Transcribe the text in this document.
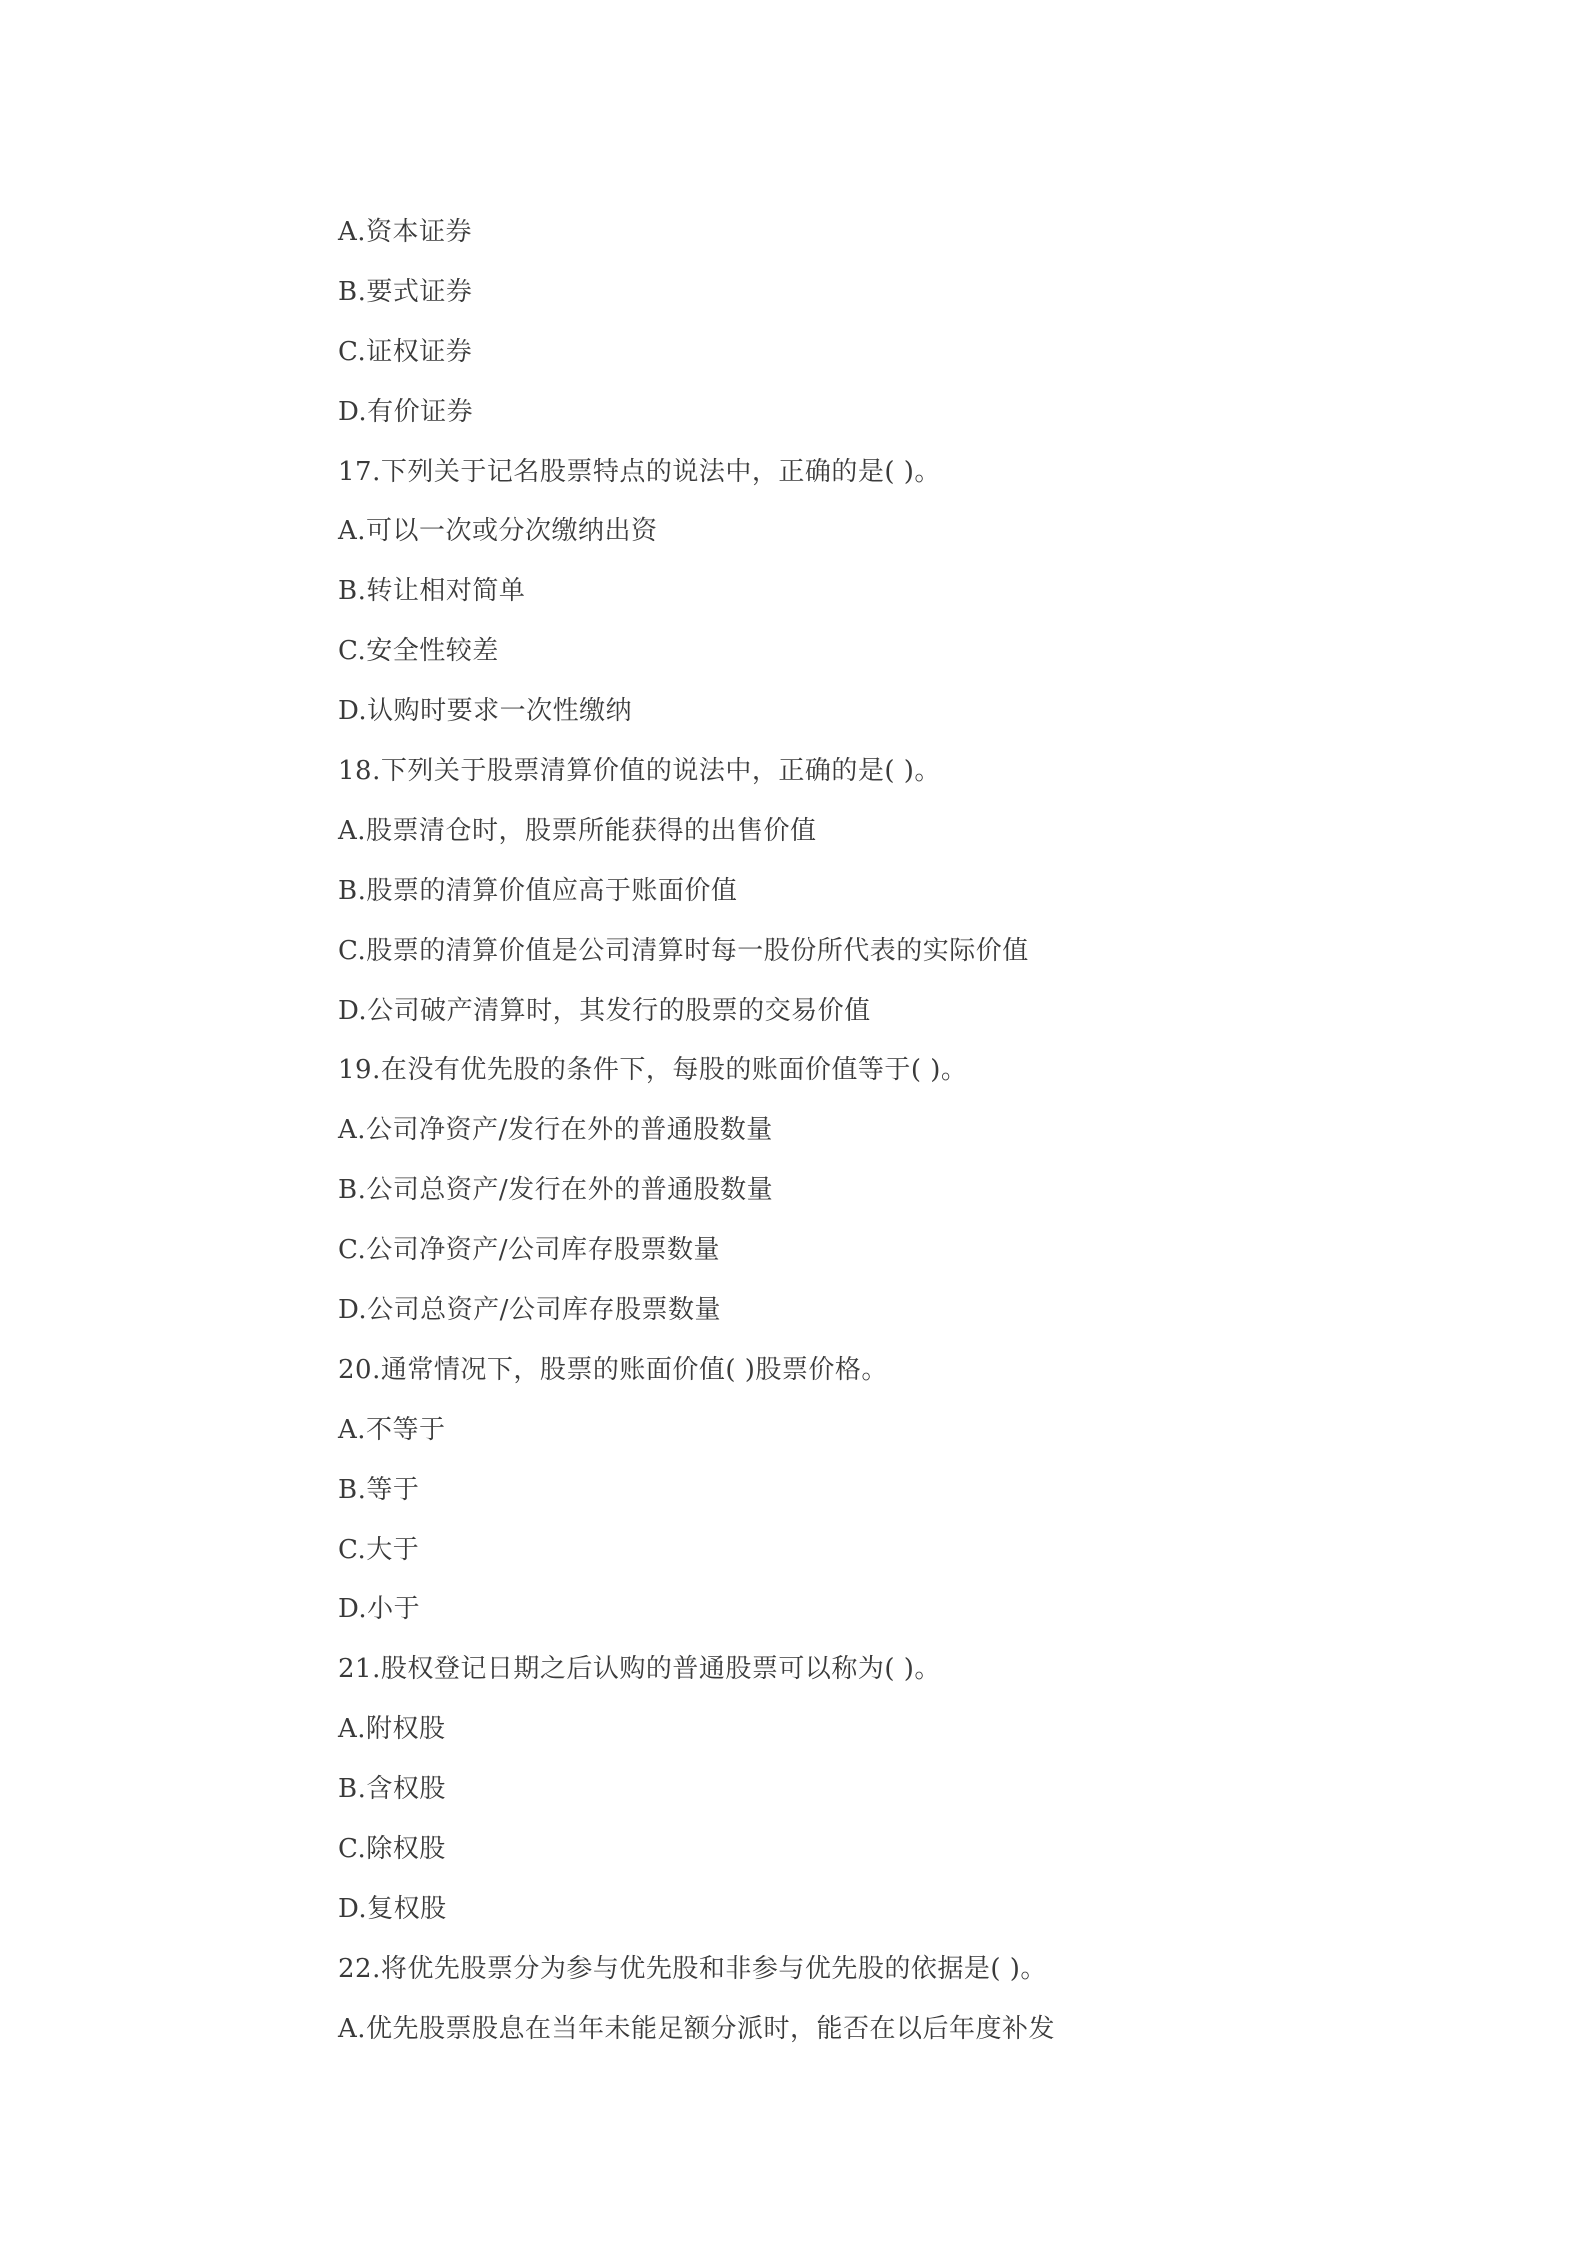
A.资本证券
B.要式证券
C.证权证券
D.有价证券
17.下列关于记名股票特点的说法中，正确的是( )。
A.可以一次或分次缴纳出资
B.转让相对简单
C.安全性较差
D.认购时要求一次性缴纳
18.下列关于股票清算价值的说法中，正确的是( )。
A.股票清仓时，股票所能获得的出售价值
B.股票的清算价值应高于账面价值
C.股票的清算价值是公司清算时每一股份所代表的实际价值
D.公司破产清算时，其发行的股票的交易价值
19.在没有优先股的条件下，每股的账面价值等于( )。
A.公司净资产/发行在外的普通股数量
B.公司总资产/发行在外的普通股数量
C.公司净资产/公司库存股票数量
D.公司总资产/公司库存股票数量
20.通常情况下，股票的账面价值( )股票价格。
A.不等于
B.等于
C.大于
D.小于
21.股权登记日期之后认购的普通股票可以称为( )。
A.附权股
B.含权股
C.除权股
D.复权股
22.将优先股票分为参与优先股和非参与优先股的依据是( )。
A.优先股票股息在当年未能足额分派时，能否在以后年度补发
